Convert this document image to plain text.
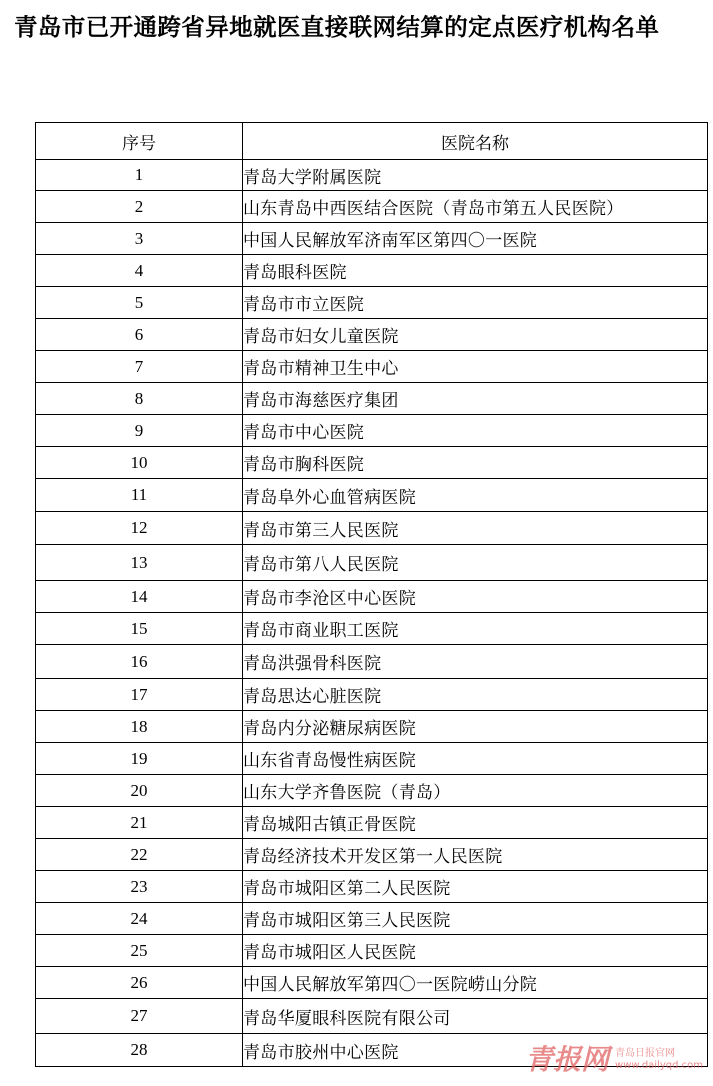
青岛市已开通跨省异地就医直接联网结算的定点医疗机构名单
序号	医院名称
1	青岛大学附属医院
2	山东青岛中西医结合医院（青岛市第五人民医院）
3	中国人民解放军济南军区第四〇一医院
4	青岛眼科医院
5	青岛市市立医院
6	青岛市妇女儿童医院
7	青岛市精神卫生中心
8	青岛市海慈医疗集团
9	青岛市中心医院
10	青岛市胸科医院
11	青岛阜外心血管病医院
12	青岛市第三人民医院
13	青岛市第八人民医院
14	青岛市李沧区中心医院
15	青岛市商业职工医院
16	青岛洪强骨科医院
17	青岛思达心脏医院
18	青岛内分泌糖尿病医院
19	山东省青岛慢性病医院
20	山东大学齐鲁医院（青岛）
21	青岛城阳古镇正骨医院
22	青岛经济技术开发区第一人民医院
23	青岛市城阳区第二人民医院
24	青岛市城阳区第三人民医院
25	青岛市城阳区人民医院
26	中国人民解放军第四〇一医院崂山分院
27	青岛华厦眼科医院有限公司
28	青岛市胶州中心医院	青报网 青岛日报官网
www.dailyqd.com
